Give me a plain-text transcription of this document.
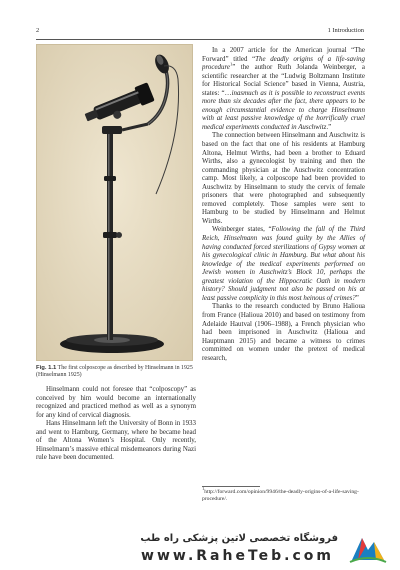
2	1 Introduction
Fig. 1.1 The first colposcope as described by Hinselmann in 1925 (Hinselmann 1925)

Hinselmann could not foresee that “colposcopy” as conceived by him would become an internationally recognized and practiced method as well as a synonym for any kind of cervical diagnosis.

Hans Hinselmann left the University of Bonn in 1933 and went to Hamburg, Germany, where he became head of the Altona Women’s Hospital. Only recently, Hinselmann’s massive ethical misdemeanors during Nazi rule have been documented.

In a 2007 article for the American journal “The Forward” titled “The deadly origins of a life-saving procedure$^1$” the author Ruth Jolanda Weinberger, a scientific researcher at the “Ludwig Boltzmann Institute for Historical Social Science” based in Vienna, Austria, states: “…inasmuch as it is possible to reconstruct events more than six decades after the fact, there appears to be enough circumstantial evidence to charge Hinselmann with at least passive knowledge of the horrifically cruel medical experiments conducted in Auschwitz.”

The connection between Hinselmann and Auschwitz is based on the fact that one of his residents at Hamburg Altona, Helmut Wirths, had been a brother to Eduard Wirths, also a gynecologist by training and then the commanding physician at the Auschwitz concentration camp. Most likely, a colposcope had been provided to Auschwitz by Hinselmann to study the cervix of female prisoners that were photographed and subsequently removed completely. Those samples were sent to Hamburg to be studied by Hinselmann and Helmut Wirths.

Weinberger states, “Following the fall of the Third Reich, Hinselmann was found guilty by the Allies of having conducted forced sterilizations of Gypsy women at his gynecological clinic in Hamburg. But what about his knowledge of the medical experiments performed on Jewish women in Auschwitz’s Block 10, perhaps the greatest violation of the Hippocratic Oath in modern history? Should judgment not also be passed on his at least passive complicity in this most heinous of crimes?”

Thanks to the research conducted by Bruno Halioua from France (Halioua 2010) and based on testimony from Adelaide Hautval (1906–1988), a French physician who had been imprisoned in Auschwitz (Halioua and Hauptmann 2015) and became a witness to crimes committed on women under the pretext of medical research,

$^1$http://forward.com/opinion/9946/the-deadly-origins-of-a-life-saving-procedure/.
فروشگاه تخصصی لاتین پزشکی راه طب
www.RaheTeb.com
